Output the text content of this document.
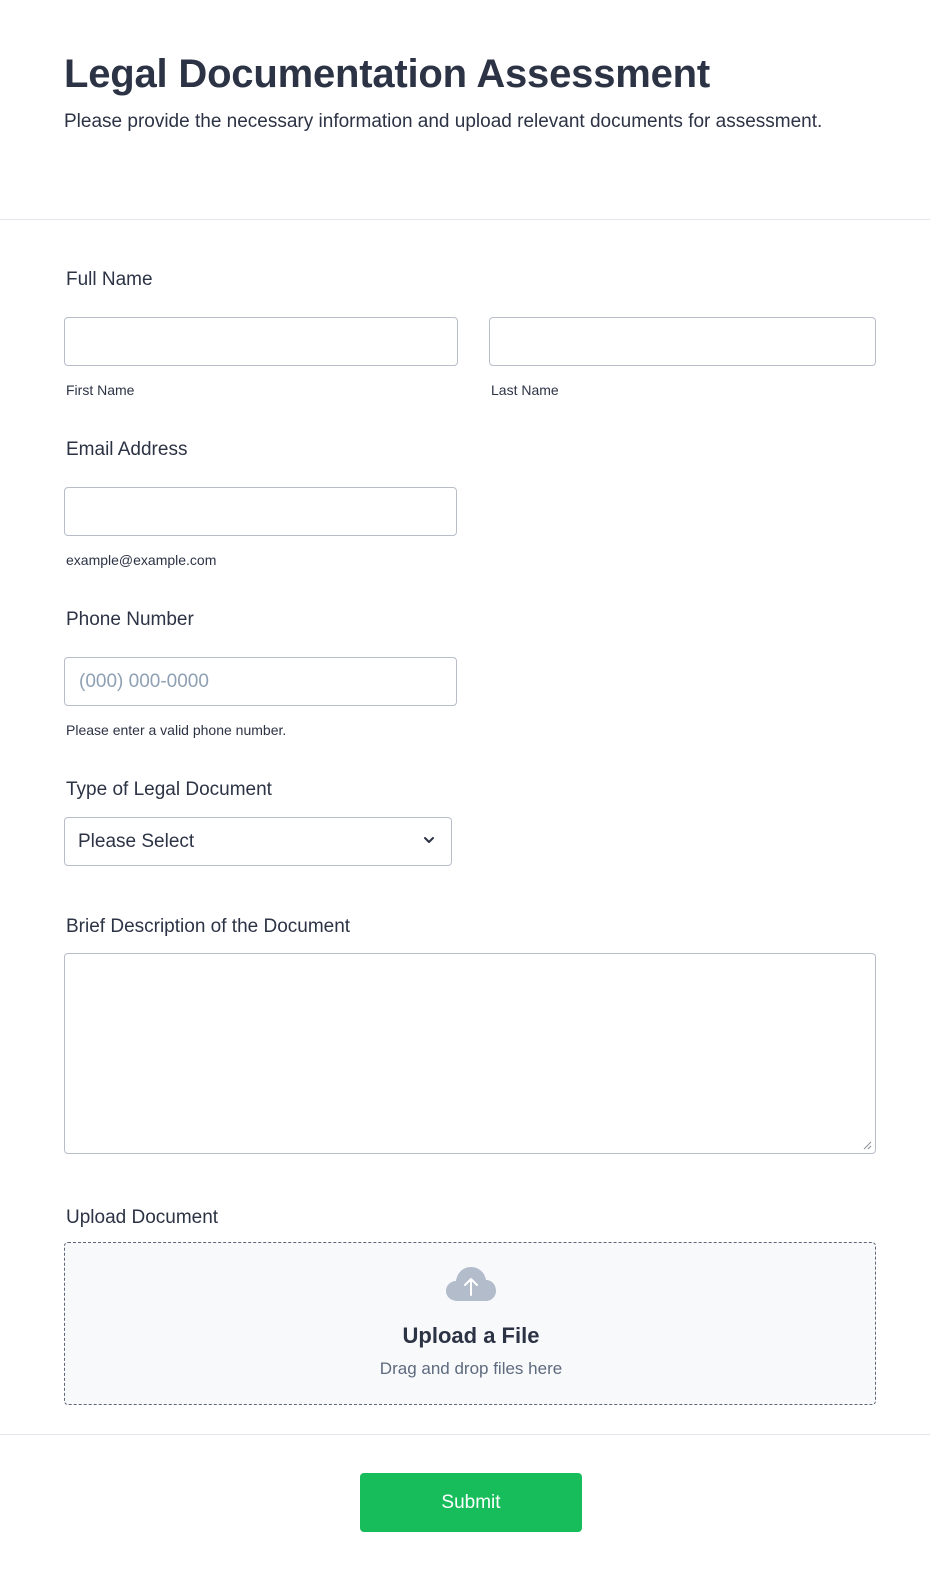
Legal Documentation Assessment

Please provide the necessary information and upload relevant documents for assessment.

Full Name
First Name	Last Name
Email Address
example@example.com
Phone Number
(000) 000-0000
Please enter a valid phone number.
Type of Legal Document
Please Select
Brief Description of the Document
Upload Document
Upload a File
Drag and drop files here
Submit
